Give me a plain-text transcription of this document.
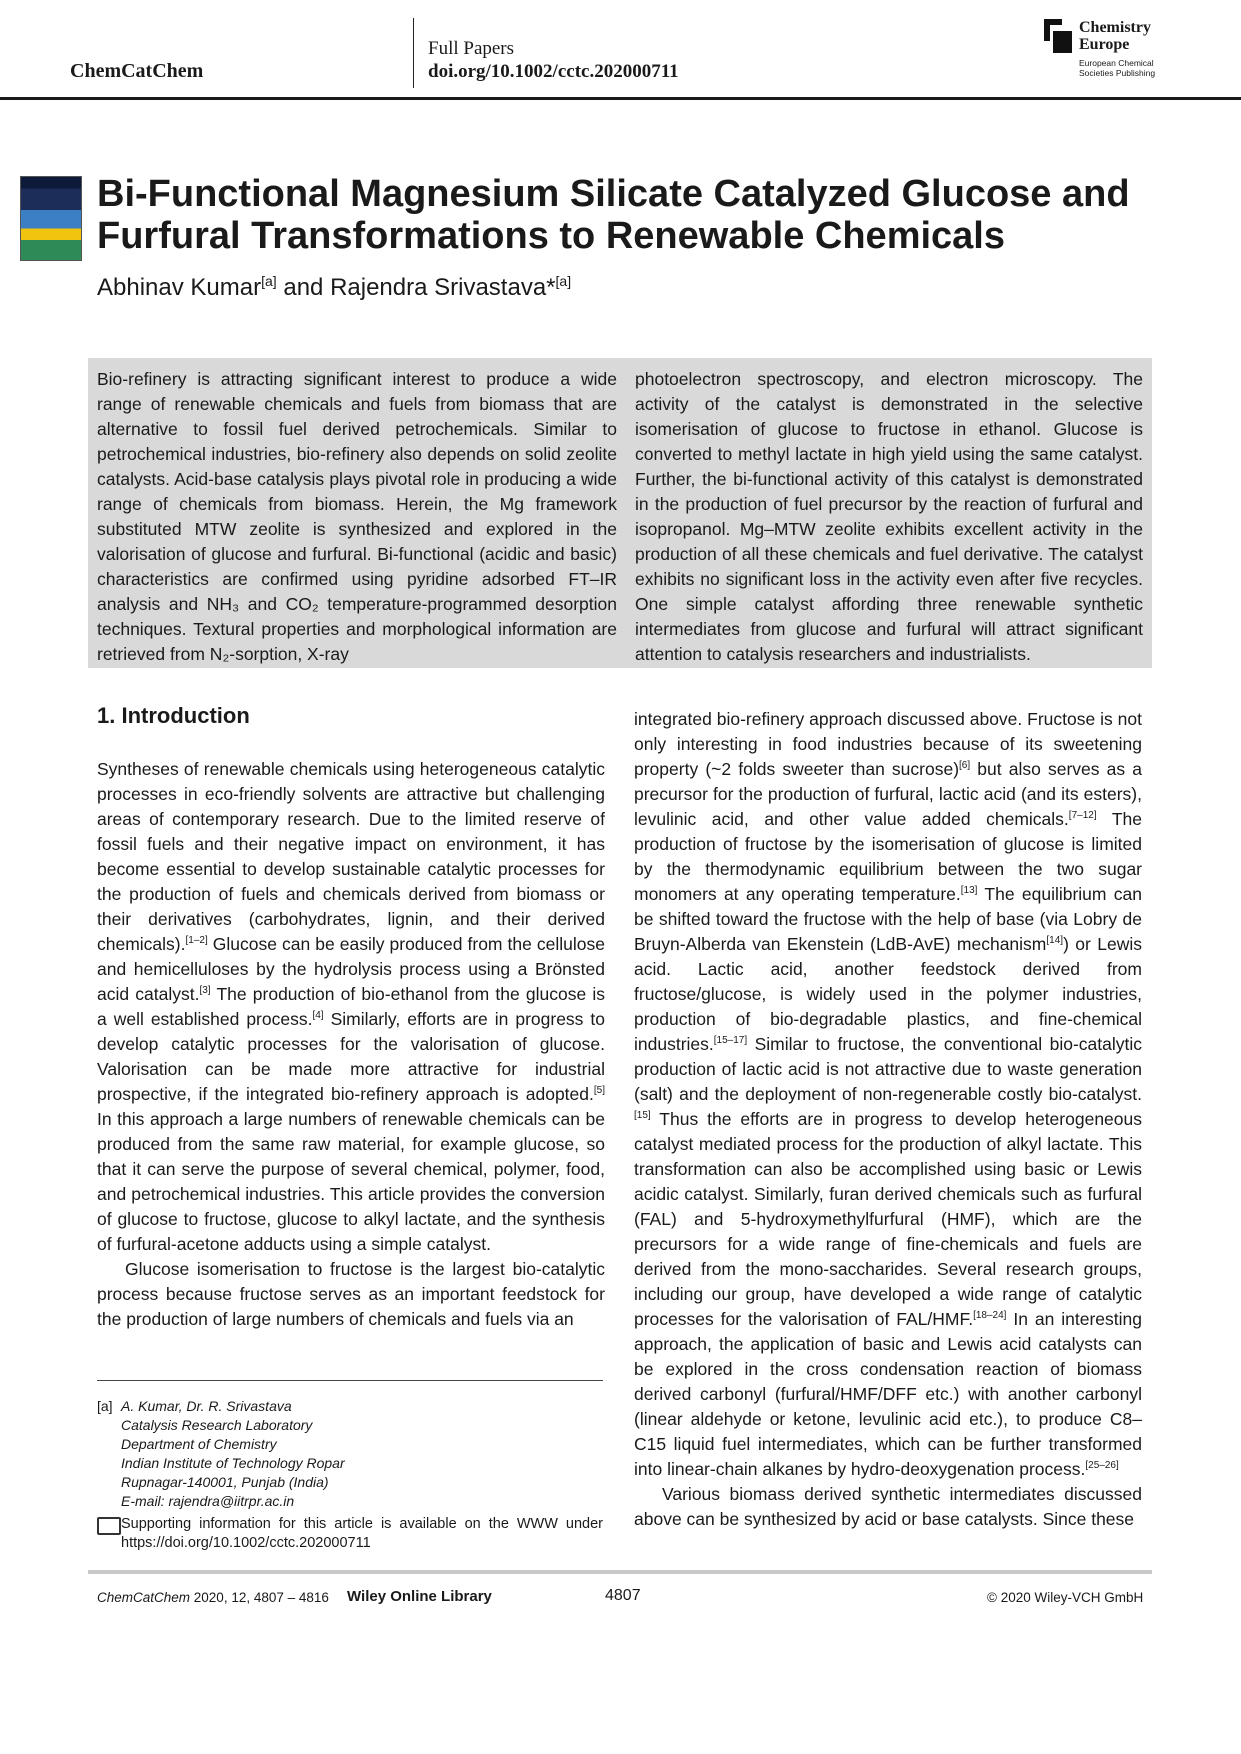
ChemCatChem
Full Papers
doi.org/10.1002/cctc.202000711
Chemistry
Europe
European Chemical
Societies Publishing
Bi-Functional Magnesium Silicate Catalyzed Glucose and Furfural Transformations to Renewable Chemicals
Abhinav Kumar[a] and Rajendra Srivastava*[a]

Bio-refinery is attracting significant interest to produce a wide range of renewable chemicals and fuels from biomass that are alternative to fossil fuel derived petrochemicals. Similar to petrochemical industries, bio-refinery also depends on solid zeolite catalysts. Acid-base catalysis plays pivotal role in producing a wide range of chemicals from biomass. Herein, the Mg framework substituted MTW zeolite is synthesized and explored in the valorisation of glucose and furfural. Bi-functional (acidic and basic) characteristics are confirmed using pyridine adsorbed FT–IR analysis and NH₃ and CO₂ temperature-programmed desorption techniques. Textural properties and morphological information are retrieved from N₂-sorption, X-ray

photoelectron spectroscopy, and electron microscopy. The activity of the catalyst is demonstrated in the selective isomerisation of glucose to fructose in ethanol. Glucose is converted to methyl lactate in high yield using the same catalyst. Further, the bi-functional activity of this catalyst is demonstrated in the production of fuel precursor by the reaction of furfural and isopropanol. Mg–MTW zeolite exhibits excellent activity in the production of all these chemicals and fuel derivative. The catalyst exhibits no significant loss in the activity even after five recycles. One simple catalyst affording three renewable synthetic intermediates from glucose and furfural will attract significant attention to catalysis researchers and industrialists.

1. Introduction

Syntheses of renewable chemicals using heterogeneous catalytic processes in eco-friendly solvents are attractive but challenging areas of contemporary research. Due to the limited reserve of fossil fuels and their negative impact on environment, it has become essential to develop sustainable catalytic processes for the production of fuels and chemicals derived from biomass or their derivatives (carbohydrates, lignin, and their derived chemicals).[1–2] Glucose can be easily produced from the cellulose and hemicelluloses by the hydrolysis process using a Brönsted acid catalyst.[3] The production of bio-ethanol from the glucose is a well established process.[4] Similarly, efforts are in progress to develop catalytic processes for the valorisation of glucose. Valorisation can be made more attractive for industrial prospective, if the integrated bio-refinery approach is adopted.[5] In this approach a large numbers of renewable chemicals can be produced from the same raw material, for example glucose, so that it can serve the purpose of several chemical, polymer, food, and petrochemical industries. This article provides the conversion of glucose to fructose, glucose to alkyl lactate, and the synthesis of furfural-acetone adducts using a simple catalyst.

Glucose isomerisation to fructose is the largest bio-catalytic process because fructose serves as an important feedstock for the production of large numbers of chemicals and fuels via an

integrated bio-refinery approach discussed above. Fructose is not only interesting in food industries because of its sweetening property (~2 folds sweeter than sucrose)[6] but also serves as a precursor for the production of furfural, lactic acid (and its esters), levulinic acid, and other value added chemicals.[7–12] The production of fructose by the isomerisation of glucose is limited by the thermodynamic equilibrium between the two sugar monomers at any operating temperature.[13] The equilibrium can be shifted toward the fructose with the help of base (via Lobry de Bruyn-Alberda van Ekenstein (LdB-AvE) mechanism[14]) or Lewis acid. Lactic acid, another feedstock derived from fructose/glucose, is widely used in the polymer industries, production of bio-degradable plastics, and fine-chemical industries.[15–17] Similar to fructose, the conventional bio-catalytic production of lactic acid is not attractive due to waste generation (salt) and the deployment of non-regenerable costly bio-catalyst.[15] Thus the efforts are in progress to develop heterogeneous catalyst mediated process for the production of alkyl lactate. This transformation can also be accomplished using basic or Lewis acidic catalyst. Similarly, furan derived chemicals such as furfural (FAL) and 5-hydroxymethylfurfural (HMF), which are the precursors for a wide range of fine-chemicals and fuels are derived from the mono-saccharides. Several research groups, including our group, have developed a wide range of catalytic processes for the valorisation of FAL/HMF.[18–24] In an interesting approach, the application of basic and Lewis acid catalysts can be explored in the cross condensation reaction of biomass derived carbonyl (furfural/HMF/DFF etc.) with another carbonyl (linear aldehyde or ketone, levulinic acid etc.), to produce C8–C15 liquid fuel intermediates, which can be further transformed into linear-chain alkanes by hydro-deoxygenation process.[25–26]

Various biomass derived synthetic intermediates discussed above can be synthesized by acid or base catalysts. Since these

[a] A. Kumar, Dr. R. Srivastava
Catalysis Research Laboratory
Department of Chemistry
Indian Institute of Technology Ropar
Rupnagar-140001, Punjab (India)
E-mail: rajendra@iitrpr.ac.in
Supporting information for this article is available on the WWW under https://doi.org/10.1002/cctc.202000711
ChemCatChem 2020, 12, 4807 – 4816 Wiley Online Library	4807	© 2020 Wiley-VCH GmbH
